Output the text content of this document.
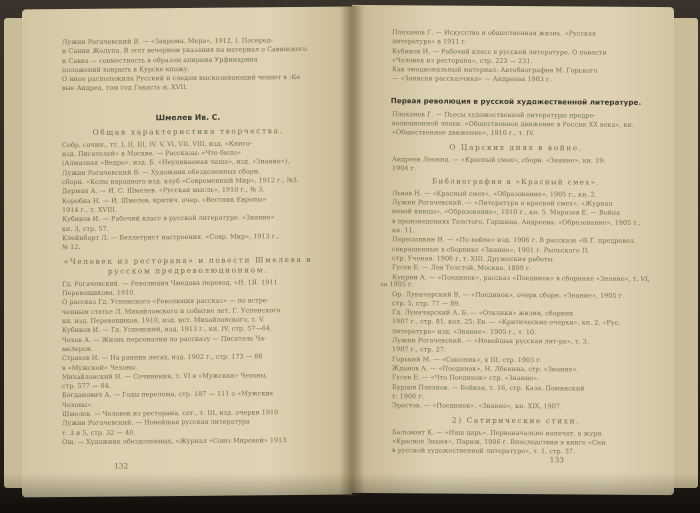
Лужин Рогачевский В. — «Закрома. Мера», 1912, I. Посеред-

и Санни Жолупа. В этот вечерием указания на материал о Савинского

и Савва — совместность в образом апирыва Урфинарина

положений вонрыть в Курске кпожу.

О иное расположила Русский и следом высказывающий чешют в ›Ке

вые Андреа, том год Гакасть и, XVII.

Шмелев Ив. С.
Общая характеристика творчества.

Собр. сочин., тт. I, II, III, IV, V, VI, VII, VIII, изд. «Книго-

изд. Писателей» в Москве. — Рассказы: «Что было»

(Алмазная «Ведро», изд. Б. «Неупиваемая чаша», изд. «Знание»),

Лужин Рогачевский В. — Художник обездоленных сборн.

сборн. «Колы народного изд. клуб «Современный Мир», 1912 г., №3.

Дерман А. — И. С. Шмелев. «Русская мысль», 1910 г., № 3.

Коробка Н. — И. Шмелев, критич. очер. «Вестник Европы»

1914 г., т. XVIII.

Кубиков И. — Рабочий класс в русской литературе. «Знание»

кн. 3, стр. 57.

Клейнборт Л. — Беллетрист настроения. «Совр. Мир», 1913 г.,

№ 12.

«Человек из ресторана» и повести Шмелева в русском предреволюционном.

Гд. Рогачевский. — Революция Чмедова перевод. «Н. 1Я. 1911

Перевощикова, 1910.

О рассказ Гд. Успенского «Революция рассказ» — по встре-

ченным статье Л. Михайловского и событие лет. Г. Успенского

кн. изд. Перевощиков, 1910, изд. ист. Михайловского, т. V.

Кубиков И. — Гд. Успенский, изд. 1913 г., кн. IV, стр. 57—64.

Чехов А. — Жизнь персоналии по рассказу — Писатель Ча-

мелеров.

Страхов Н. — На ранних лесах, изд. 1902 г., стр. 173 — 88

в «Мужской» Чеховы.

Михайловский Н. — Сочинения, т. VI в «Мужская» Чеховы,

стр. 577 — 84.

Богданович А. — Годы перелома, стр. 187 — 111 о «Мужских

Чеховы».

Шмелев. — Человек из ресторана, сот., т. III, изд. очерки 1910

Лужин Рогачевский. — Новейшая русская литература

т. 3 и 5, стр. 32 — 40.

Ощ. — Художник обездоленных, «Журнал «Союз Мировой» 1913

132

Плеханов Г. — Искусство и общественная жизнь. «Русская

литература» в 1911 г.

Кубиков И. — Рабочий класс в русской литературе. О повести

«Человек из ресторана», стр. 223 — 231.

Как эмоциональный материал: Автобиография М. Горького

— «Записки рассказчика» — Андреева 1903 г.

Первая революция в русской художественной литературе.

Плеханов Г. — Пьесы художественной литературы предре-

волюционной эпохи. «Общественное движение в России XX века», кн.

«Общественное движение», 1910 г., т. IV.

О Царских днях в войне.

Андреев Леонид. — «Красный смех», сборн. «Знание», кн. 19.

1904 г.

Библиография в «Красный смех».

Львов Н. — «Красный смех», «Образование», 1905 г., кн. 2.

Лужин Рогачевский. — «Литература о красной смех», «Журнал

новой кницы», «Образование», 1910 г., кн. 5. Морозов Е. — Война

в произведениях Толстого, Гаршина, Андреева. «Образование», 1905 г.,

кн. 11.

Пересыпкин Н. — «По войне» изд. 1906 г. В рассказе «В.Т. предревол.

сокращенные в сборнике «Знание», 1901 г. Рыльского П.

стр. Ученая. 1906 г. т. XIII. Дружеския работы.

Гусев Е. — Лев Толстой. Москва, 1899 г.

Куприн А. — «Поединок», рассказ «Поединок» в сборнике «Знание», т. VI, за 1905 г.

Ор. Луначарский В. — «Поединок», очерк сборн. «Знание», 1905 г.

стр. 5, стр. 77 — 89.

Гд. Луначарский А. Б. — «Отклики» жизни, сборник

1907 г., стр. 81, кол. 25; Ев. — «Критические очерки», кн. 2. «Рус.

литература» изд. «Знание». 1905 г., т. 10.

Лужин Рогачевский. — «Новейшая русская лит-ра», т. 3.

1907 г., стр. 27.

Горький М. — «Союзник», в III, стр. 1903 г.

Жданов А. — «Поединок», Н. Лбенина, стр. «Знание».

Гусев Е. — «Что Поединок» стр. «Знание».

Бурцев Плехнов. — Бойкая, т. 16, стр. Каза. Помянский

т. 1906 г.

Эрастов. — «Поединок», «Знание», кн. XIX, 1907.

2) Сатирические стихи.

Бальмонт К. — «Наш царь». Первоначально напечат. в журн.

«Красное Знамя», Париж, 1906 г. Впоследствии в книге «Сни.

в русской художественной литературе», т. 1, стр. 37.

133
